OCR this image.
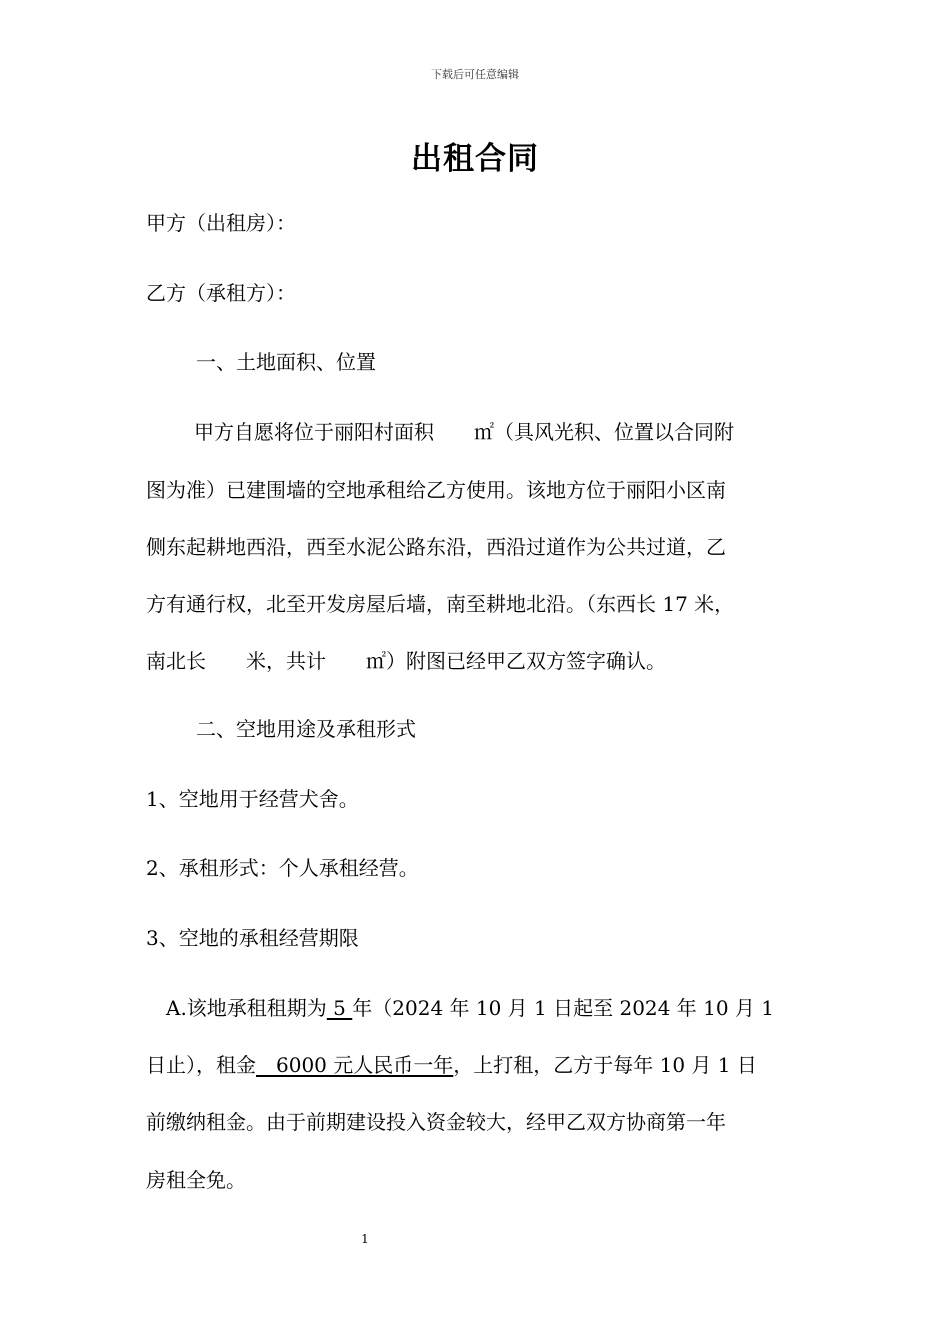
下载后可任意编辑
出租合同
甲方（出租房）：
乙方（承租方）：
一、土地面积、位置
甲方自愿将位于丽阳村面积　　㎡（具风光积、位置以合同附
图为准）已建围墙的空地承租给乙方使用。该地方位于丽阳小区南
侧东起耕地西沿，西至水泥公路东沿，西沿过道作为公共过道，乙
方有通行权，北至开发房屋后墙，南至耕地北沿。（东西长 17 米，
南北长　　米，共计　　㎡）附图已经甲乙双方签字确认。
二、空地用途及承租形式
1、空地用于经营犬舍。
2、承租形式：个人承租经营。
3、空地的承租经营期限
A.该地承租租期为 5 年（2024 年 10 月 1 日起至 2024 年 10 月 1
日止），租金　6000 元人民币一年，上打租，乙方于每年 10 月 1 日
前缴纳租金。由于前期建设投入资金较大，经甲乙双方协商第一年
房租全免。
1
